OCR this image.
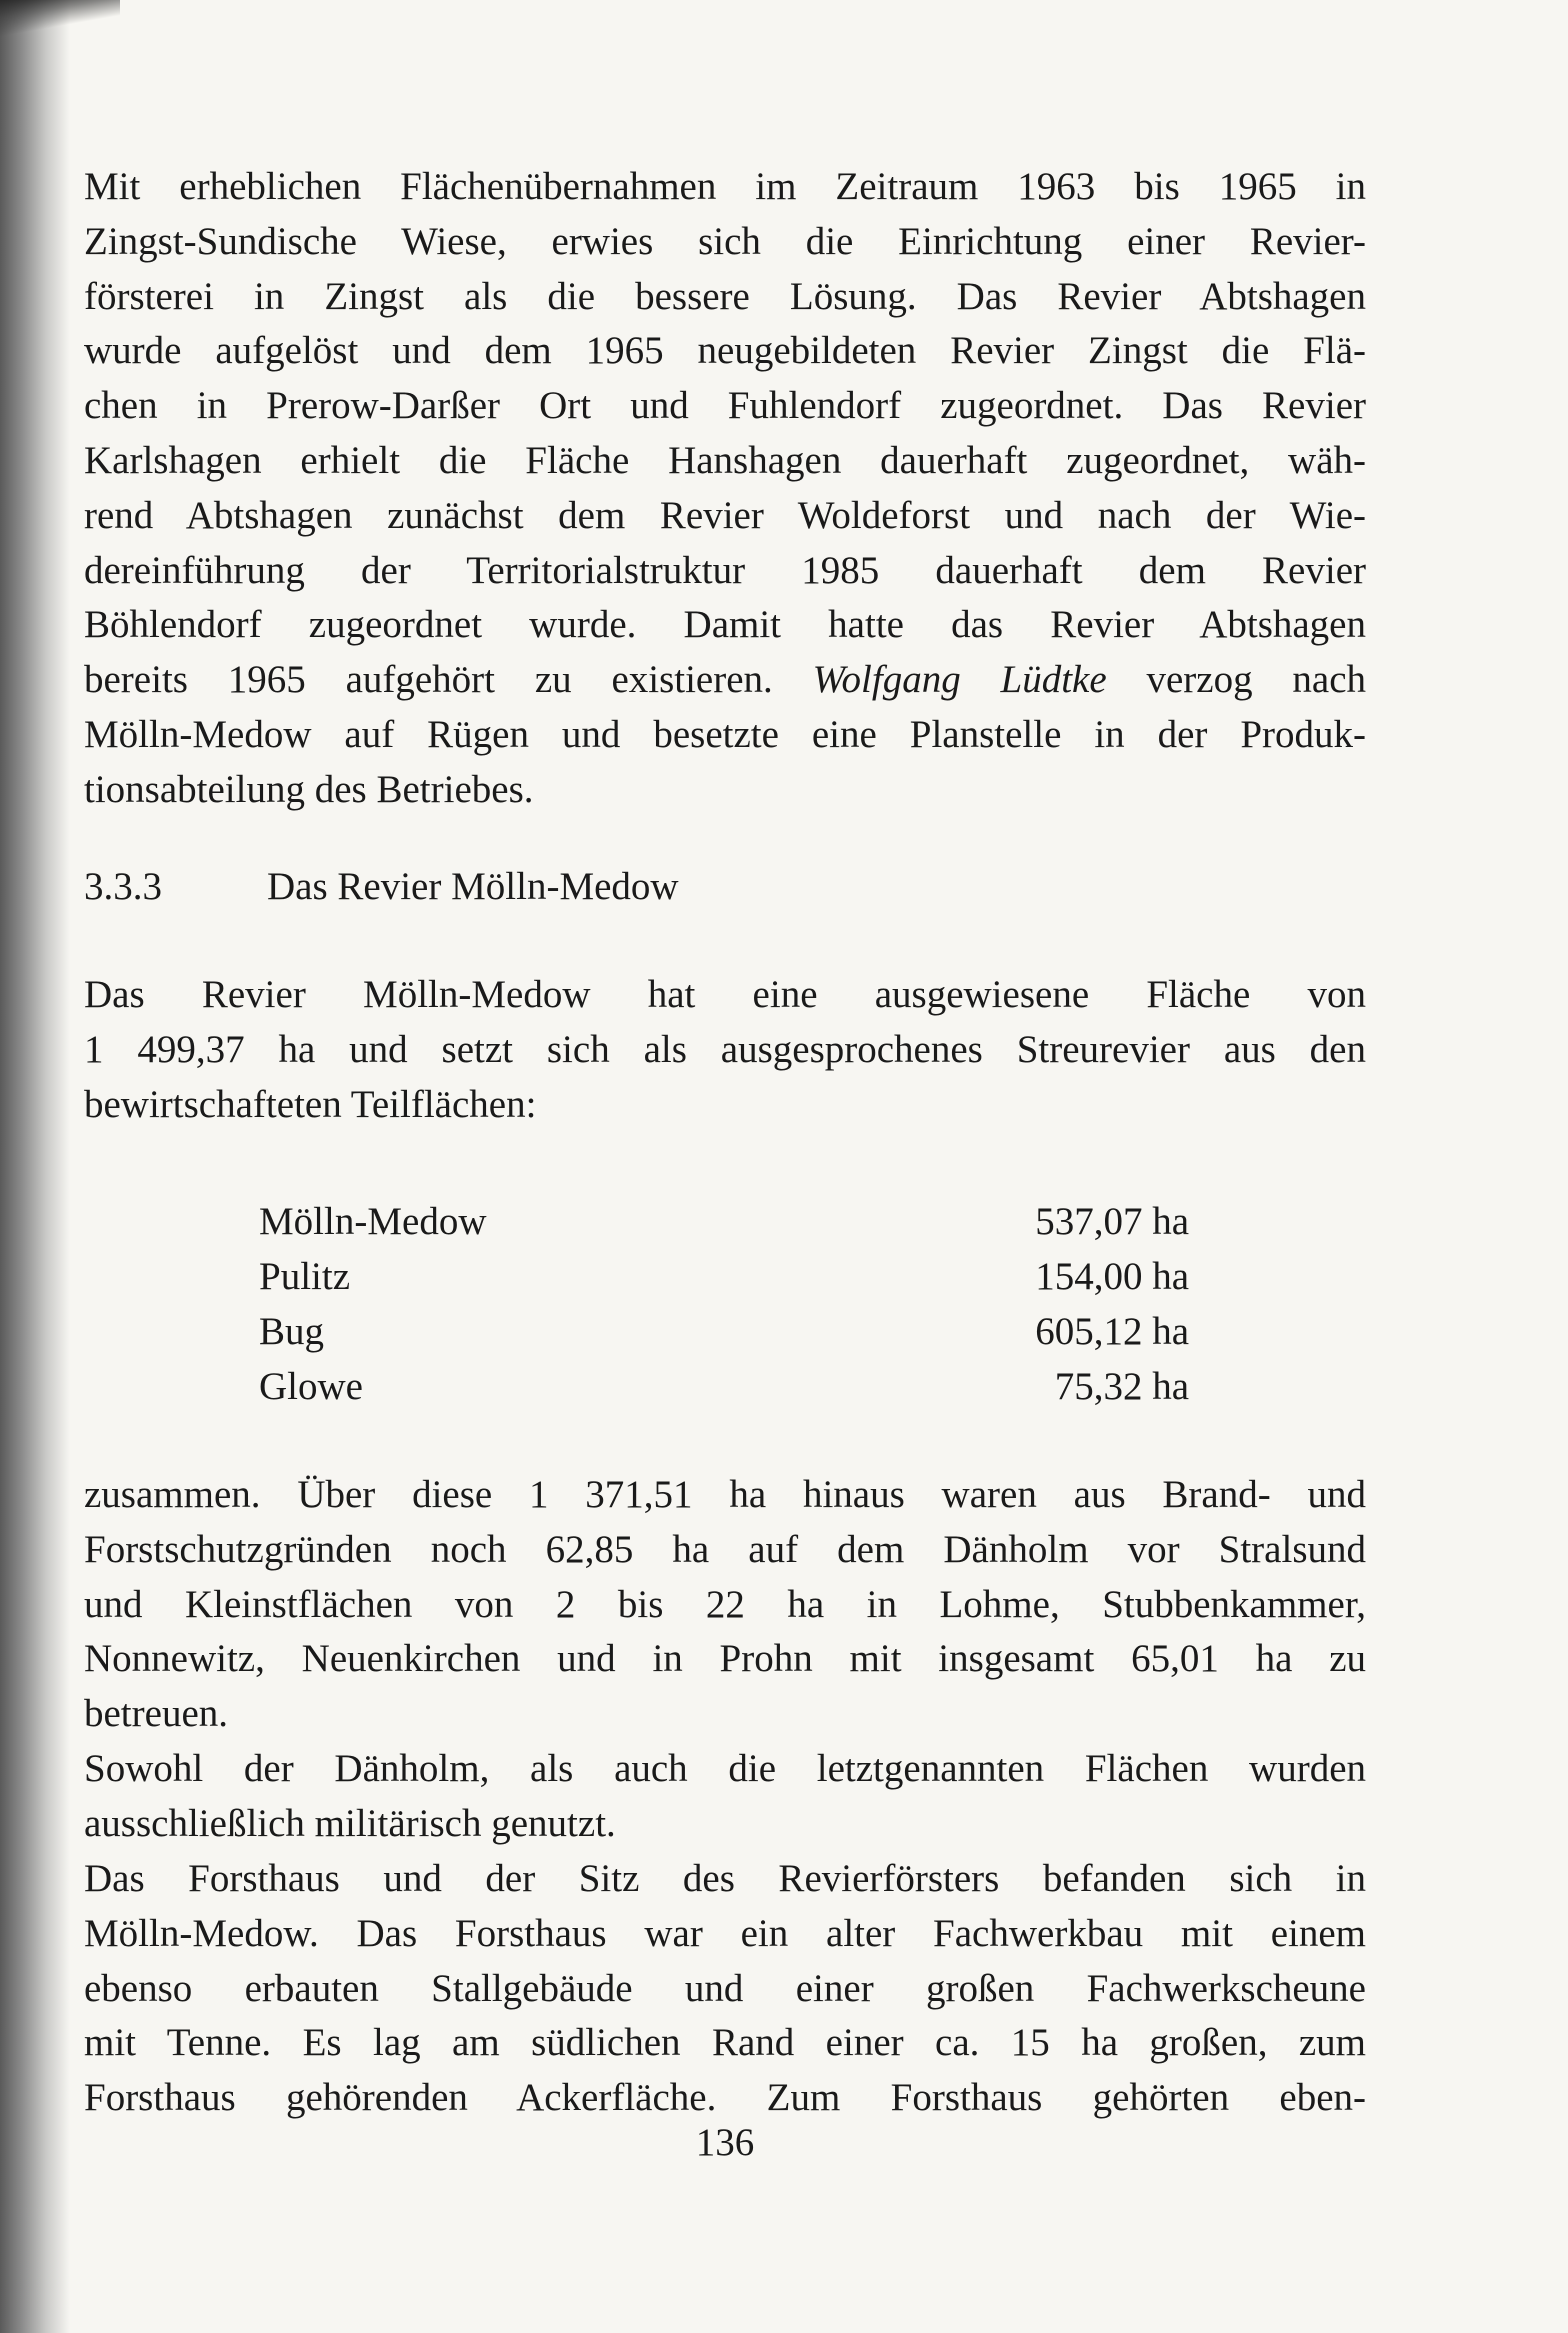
Mit erheblichen Flächenübernahmen im Zeitraum 1963 bis 1965 in
Zingst-Sundische Wiese, erwies sich die Einrichtung einer Revier-
försterei in Zingst als die bessere Lösung. Das Revier Abtshagen
wurde aufgelöst und dem 1965 neugebildeten Revier Zingst die Flä-
chen in Prerow-Darßer Ort und Fuhlendorf zugeordnet. Das Revier
Karlshagen erhielt die Fläche Hanshagen dauerhaft zugeordnet, wäh-
rend Abtshagen zunächst dem Revier Woldeforst und nach der Wie-
dereinführung der Territorialstruktur 1985 dauerhaft dem Revier
Böhlendorf zugeordnet wurde. Damit hatte das Revier Abtshagen
bereits 1965 aufgehört zu existieren. Wolfgang Lüdtke verzog nach
Mölln-Medow auf Rügen und besetzte eine Planstelle in der Produk-
tionsabteilung des Betriebes.

3.3.3	Das Revier Mölln-Medow

Das Revier Mölln-Medow hat eine ausgewiesene Fläche von
1 499,37 ha und setzt sich als ausgesprochenes Streurevier aus den
bewirtschafteten Teilflächen:

Mölln-Medow	537,07 ha
Pulitz	154,00 ha
Bug	605,12 ha
Glowe	75,32 ha

zusammen. Über diese 1 371,51 ha hinaus waren aus Brand- und
Forstschutzgründen noch 62,85 ha auf dem Dänholm vor Stralsund
und Kleinstflächen von 2 bis 22 ha in Lohme, Stubbenkammer,
Nonnewitz, Neuenkirchen und in Prohn mit insgesamt 65,01 ha zu
betreuen.

Sowohl der Dänholm, als auch die letztgenannten Flächen wurden
ausschließlich militärisch genutzt.

Das Forsthaus und der Sitz des Revierförsters befanden sich in
Mölln-Medow. Das Forsthaus war ein alter Fachwerkbau mit einem
ebenso erbauten Stallgebäude und einer großen Fachwerkscheune
mit Tenne. Es lag am südlichen Rand einer ca. 15 ha großen, zum
Forsthaus gehörenden Ackerfläche. Zum Forsthaus gehörten eben-

136
